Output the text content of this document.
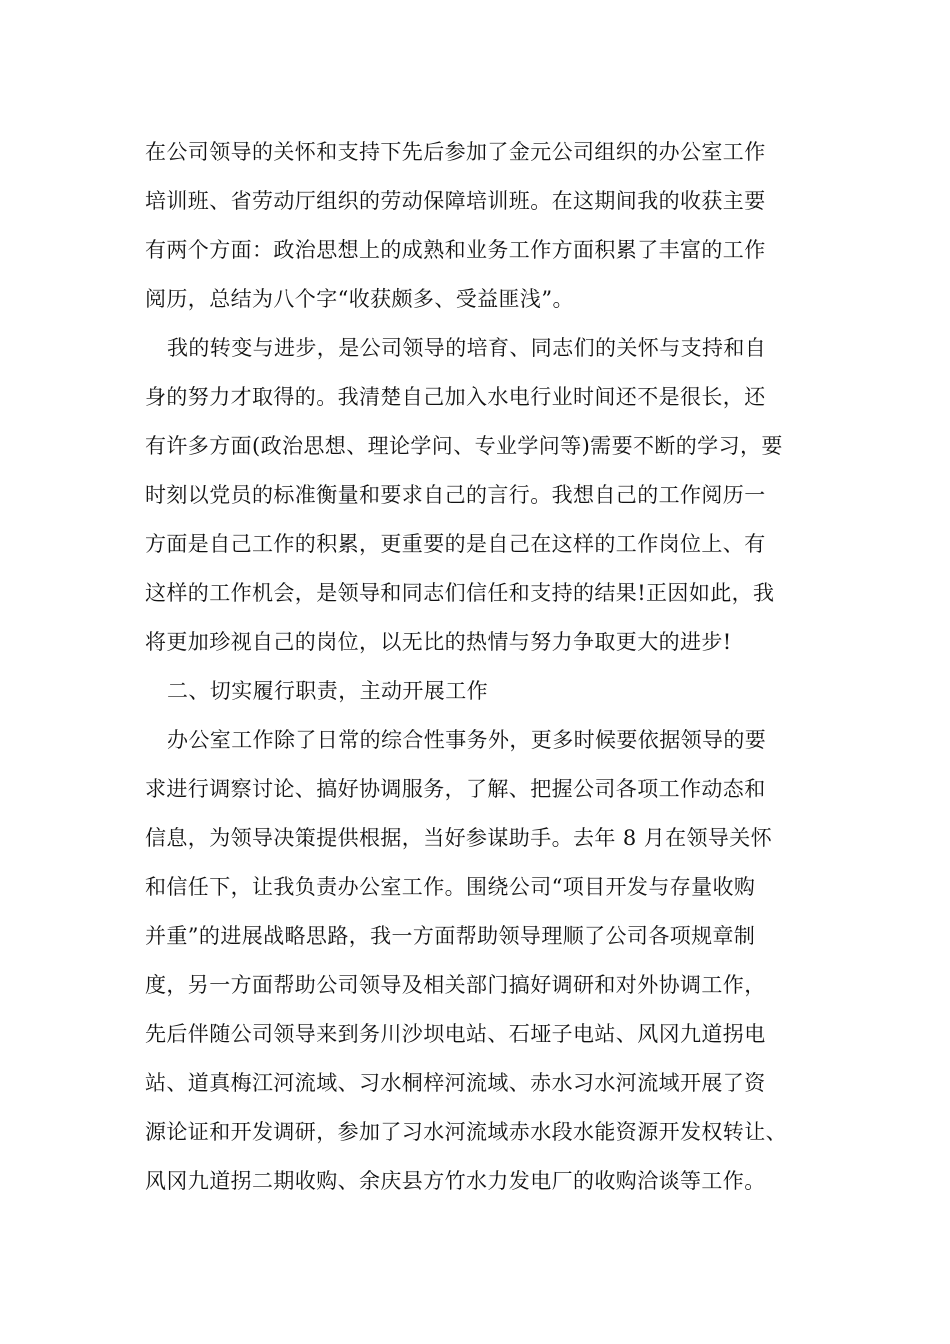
在公司领导的关怀和支持下先后参加了金元公司组织的办公室工作
培训班、省劳动厅组织的劳动保障培训班。在这期间我的收获主要
有两个方面：政治思想上的成熟和业务工作方面积累了丰富的工作
阅历，总结为八个字“收获颇多、受益匪浅”。
我的转变与进步，是公司领导的培育、同志们的关怀与支持和自
身的努力才取得的。我清楚自己加入水电行业时间还不是很长，还
有许多方面(政治思想、理论学问、专业学问等)需要不断的学习，要
时刻以党员的标准衡量和要求自己的言行。我想自己的工作阅历一
方面是自己工作的积累，更重要的是自己在这样的工作岗位上、有
这样的工作机会，是领导和同志们信任和支持的结果!正因如此，我
将更加珍视自己的岗位，以无比的热情与努力争取更大的进步!
二、切实履行职责，主动开展工作
办公室工作除了日常的综合性事务外，更多时候要依据领导的要
求进行调察讨论、搞好协调服务，了解、把握公司各项工作动态和
信息，为领导决策提供根据，当好参谋助手。去年 8 月在领导关怀
和信任下，让我负责办公室工作。围绕公司“项目开发与存量收购
并重”的进展战略思路，我一方面帮助领导理顺了公司各项规章制
度，另一方面帮助公司领导及相关部门搞好调研和对外协调工作，
先后伴随公司领导来到务川沙坝电站、石垭子电站、风冈九道拐电
站、道真梅江河流域、习水桐梓河流域、赤水习水河流域开展了资
源论证和开发调研，参加了习水河流域赤水段水能资源开发权转让、
风冈九道拐二期收购、余庆县方竹水力发电厂的收购洽谈等工作。
